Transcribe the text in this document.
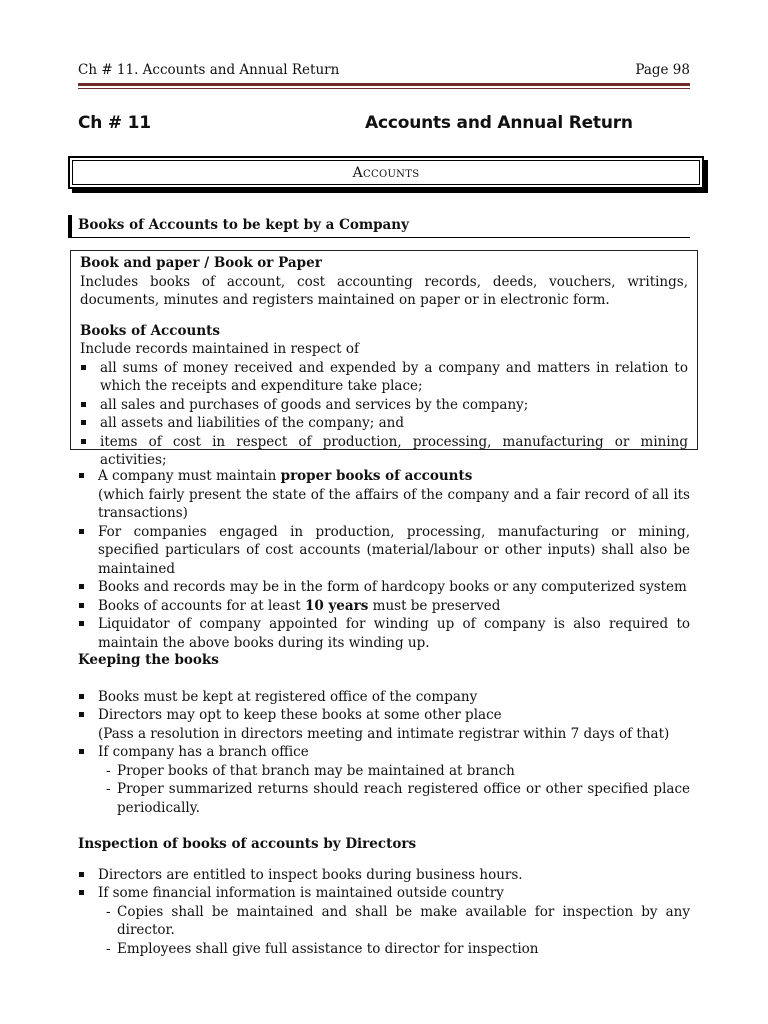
Ch # 11. Accounts and Annual Return	Page 98
Ch # 11	Accounts and Annual Return
Accounts
Books of Accounts to be kept by a Company

Book and paper / Book or Paper

Includes books of account, cost accounting records, deeds, vouchers, writings, documents, minutes and registers maintained on paper or in electronic form.

Books of Accounts

Include records maintained in respect of

all sums of money received and expended by a company and matters in relation to which the receipts and expenditure take place;
all sales and purchases of goods and services by the company;
all assets and liabilities of the company; and
items of cost in respect of production, processing, manufacturing or mining activities;
A company must maintain proper books of accounts
(which fairly present the state of the affairs of the company and a fair record of all its transactions)
For companies engaged in production, processing, manufacturing or mining, specified particulars of cost accounts (material/labour or other inputs) shall also be maintained
Books and records may be in the form of hardcopy books or any computerized system
Books of accounts for at least 10 years must be preserved
Liquidator of company appointed for winding up of company is also required to maintain the above books during its winding up.
Keeping the books
Books must be kept at registered office of the company
Directors may opt to keep these books at some other place
(Pass a resolution in directors meeting and intimate registrar within 7 days of that)
If company has a branch office
- Proper books of that branch may be maintained at branch
- Proper summarized returns should reach registered office or other specified place periodically.
Inspection of books of accounts by Directors
Directors are entitled to inspect books during business hours.
If some financial information is maintained outside country
- Copies shall be maintained and shall be make available for inspection by any director.
- Employees shall give full assistance to director for inspection
